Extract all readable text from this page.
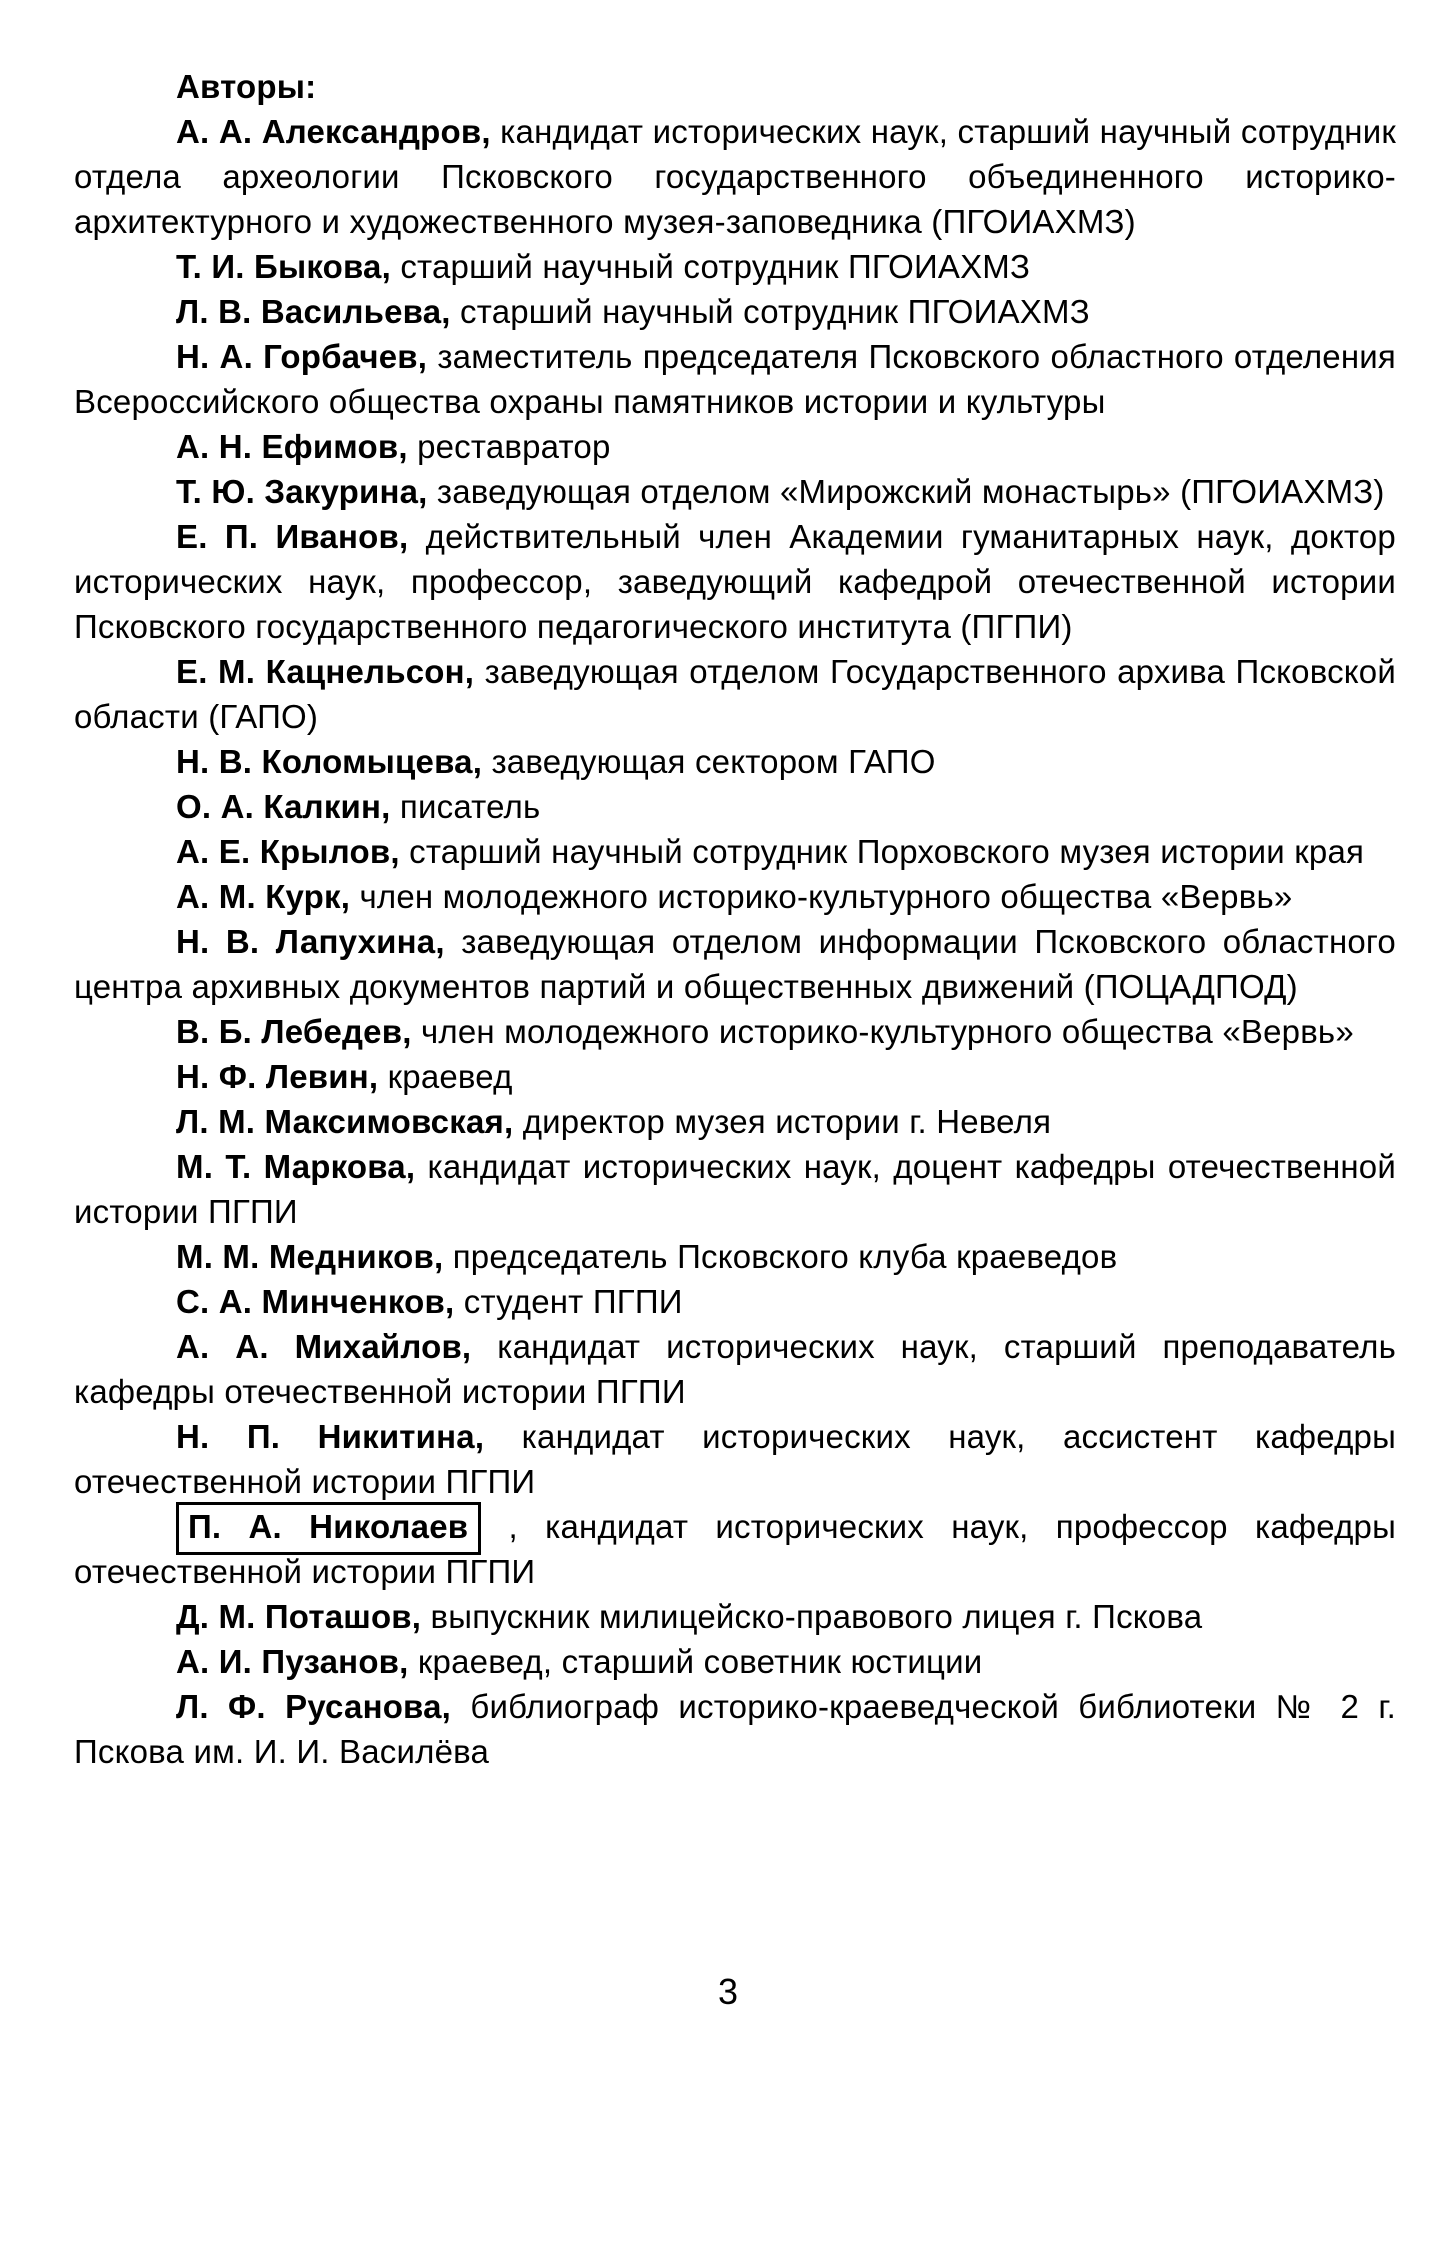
Авторы:

А. А. Александров, кандидат исторических наук, старший научный сотрудник отдела археологии Псковского государственного объединенного историко-архитектурного и художественного музея-заповедника (ПГОИАХМЗ)

Т. И. Быкова, старший научный сотрудник ПГОИАХМЗ

Л. В. Васильева, старший научный сотрудник ПГОИАХМЗ

Н. А. Горбачев, заместитель председателя Псковского областного отделения Всероссийского общества охраны памятников истории и культуры

А. Н. Ефимов, реставратор

Т. Ю. Закурина, заведующая отделом «Мирожский монастырь» (ПГОИАХМЗ)

Е. П. Иванов, действительный член Академии гуманитарных наук, доктор исторических наук, профессор, заведующий кафедрой отечественной истории Псковского государственного педагогического института (ПГПИ)

Е. М. Кацнельсон, заведующая отделом Государственного архива Псковской области (ГАПО)

Н. В. Коломыцева, заведующая сектором ГАПО

О. А. Калкин, писатель

А. Е. Крылов, старший научный сотрудник Порховского музея истории края

А. М. Курк, член молодежного историко-культурного общества «Вервь»

Н. В. Лапухина, заведующая отделом информации Псковского областного центра архивных документов партий и общественных движений (ПОЦАДПОД)

В. Б. Лебедев, член молодежного историко-культурного общества «Вервь»

Н. Ф. Левин, краевед

Л. М. Максимовская, директор музея истории г. Невеля

М. Т. Маркова, кандидат исторических наук, доцент кафедры отечественной истории ПГПИ

М. М. Медников, председатель Псковского клуба краеведов

С. А. Минченков, студент ПГПИ

А. А. Михайлов, кандидат исторических наук, старший преподаватель кафедры отечественной истории ПГПИ

Н. П. Никитина, кандидат исторических наук, ассистент кафедры отечественной истории ПГПИ

П. А. Николаев , кандидат исторических наук, профессор кафедры отечественной истории ПГПИ

Д. М. Поташов, выпускник милицейско-правового лицея г. Пскова

А. И. Пузанов, краевед, старший советник юстиции

Л. Ф. Русанова, библиограф историко-краеведческой библиотеки № 2 г. Пскова им. И. И. Василёва

3
